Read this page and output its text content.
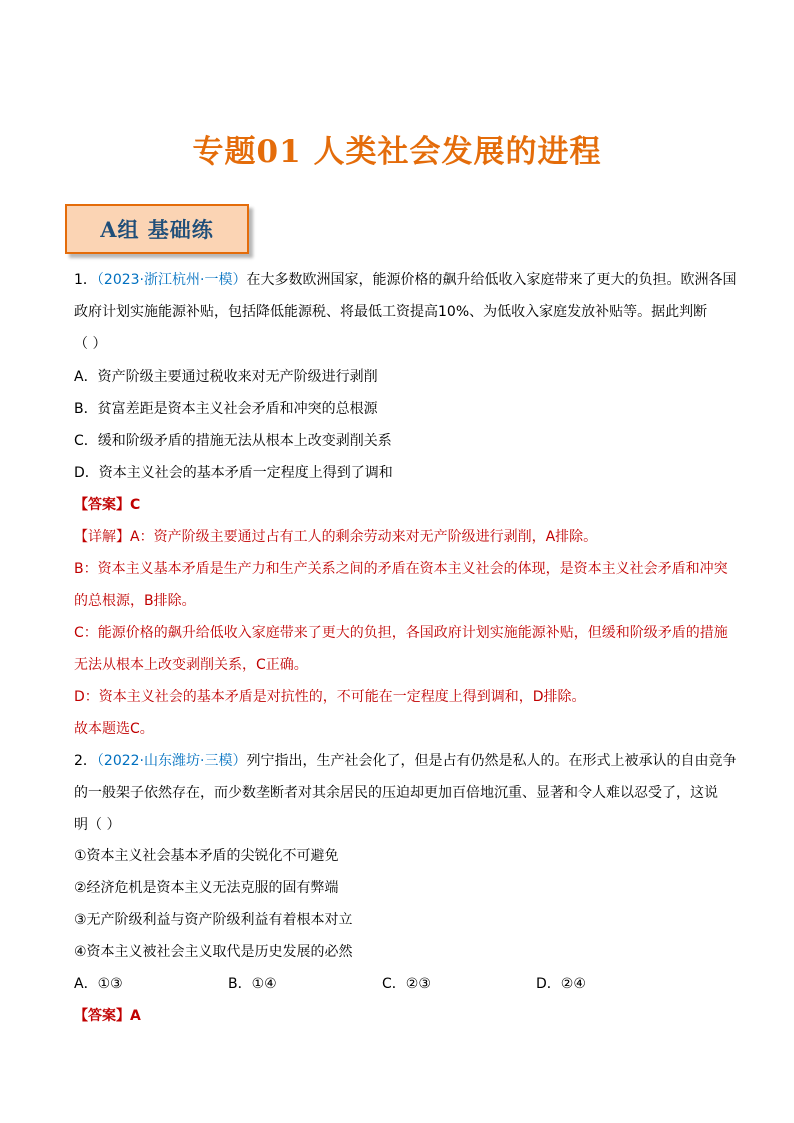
专题01 人类社会发展的进程
A组 基础练
1．（2023·浙江杭州·一模）在大多数欧洲国家，能源价格的飙升给低收入家庭带来了更大的负担。欧洲各国
政府计划实施能源补贴，包括降低能源税、将最低工资提高10%、为低收入家庭发放补贴等。据此判断
（ ）
A．资产阶级主要通过税收来对无产阶级进行剥削
B．贫富差距是资本主义社会矛盾和冲突的总根源
C．缓和阶级矛盾的措施无法从根本上改变剥削关系
D．资本主义社会的基本矛盾一定程度上得到了调和
【答案】C
【详解】A：资产阶级主要通过占有工人的剩余劳动来对无产阶级进行剥削，A排除。
B：资本主义基本矛盾是生产力和生产关系之间的矛盾在资本主义社会的体现，是资本主义社会矛盾和冲突
的总根源，B排除。
C：能源价格的飙升给低收入家庭带来了更大的负担，各国政府计划实施能源补贴，但缓和阶级矛盾的措施
无法从根本上改变剥削关系，C正确。
D：资本主义社会的基本矛盾是对抗性的，不可能在一定程度上得到调和，D排除。
故本题选C。
2．（2022·山东潍坊·三模）列宁指出，生产社会化了，但是占有仍然是私人的。在形式上被承认的自由竞争
的一般架子依然存在，而少数垄断者对其余居民的压迫却更加百倍地沉重、显著和令人难以忍受了，这说
明（ ）
①资本主义社会基本矛盾的尖锐化不可避免
②经济危机是资本主义无法克服的固有弊端
③无产阶级利益与资产阶级利益有着根本对立
④资本主义被社会主义取代是历史发展的必然
A．①③	B．①④	C．②③	D．②④
【答案】A
